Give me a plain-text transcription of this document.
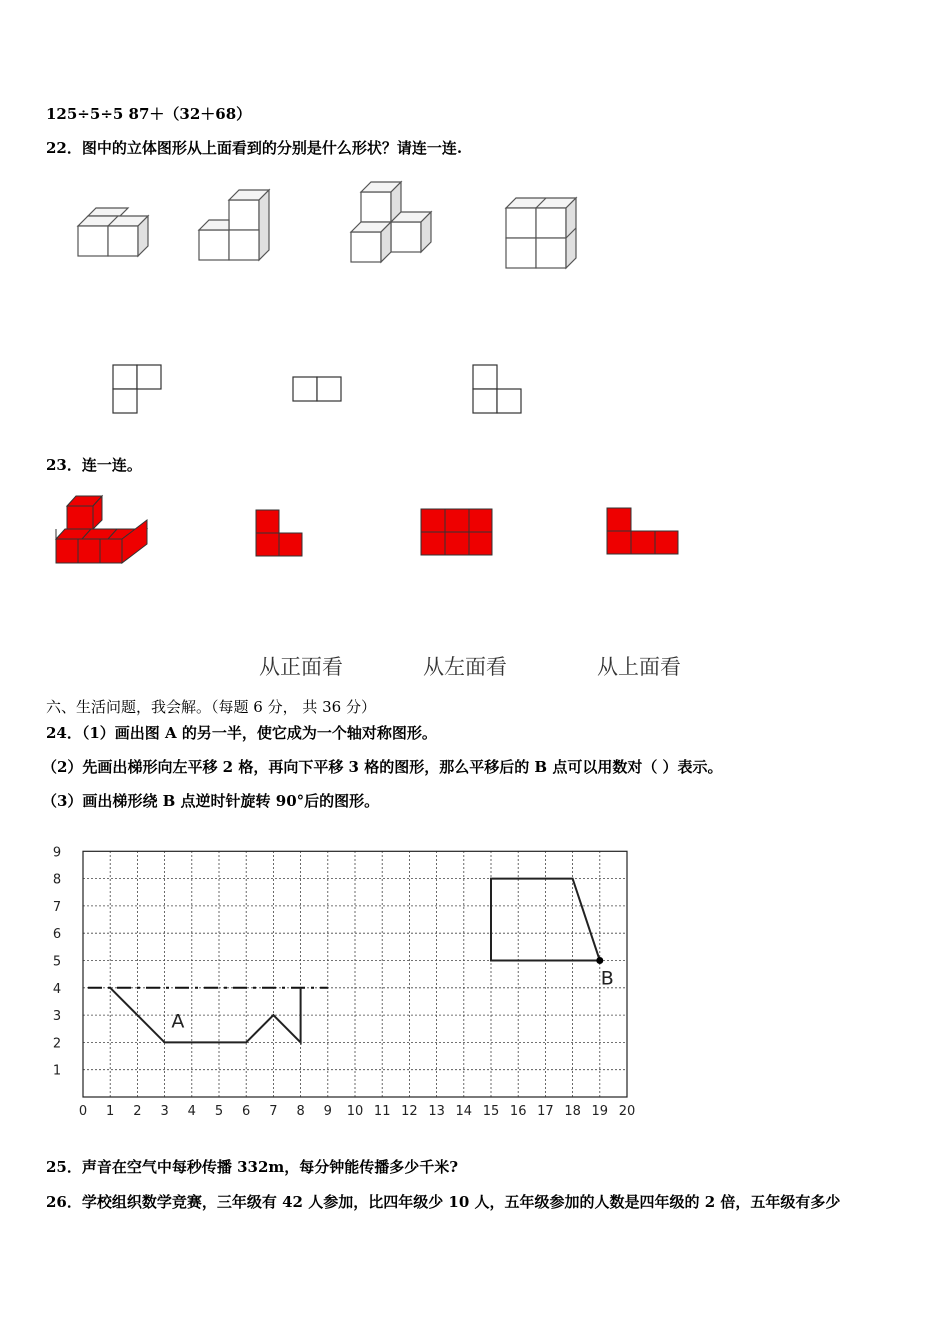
125÷5÷5 87＋（32＋68）
22．图中的立体图形从上面看到的分别是什么形状？请连一连.
23．连一连。
从正面看	从左面看	从上面看
六、生活问题，我会解。（每题 6 分， 共 36 分）
24．（1）画出图 A 的另一半，使它成为一个轴对称图形。
（2）先画出梯形向左平移 2 格，再向下平移 3 格的图形，那么平移后的 B 点可以用数对（ ）表示。
（3）画出梯形绕 B 点逆时针旋转 90°后的图形。
0 1 2 3 4 5 6 7 8 9 10 11 12 13 14 15 16 17 18 19 20
1
2
3
4
5
6
7
8
9
A
B
25．声音在空气中每秒传播 332m，每分钟能传播多少千米?
26．学校组织数学竞赛，三年级有 42 人参加，比四年级少 10 人，五年级参加的人数是四年级的 2 倍，五年级有多少
